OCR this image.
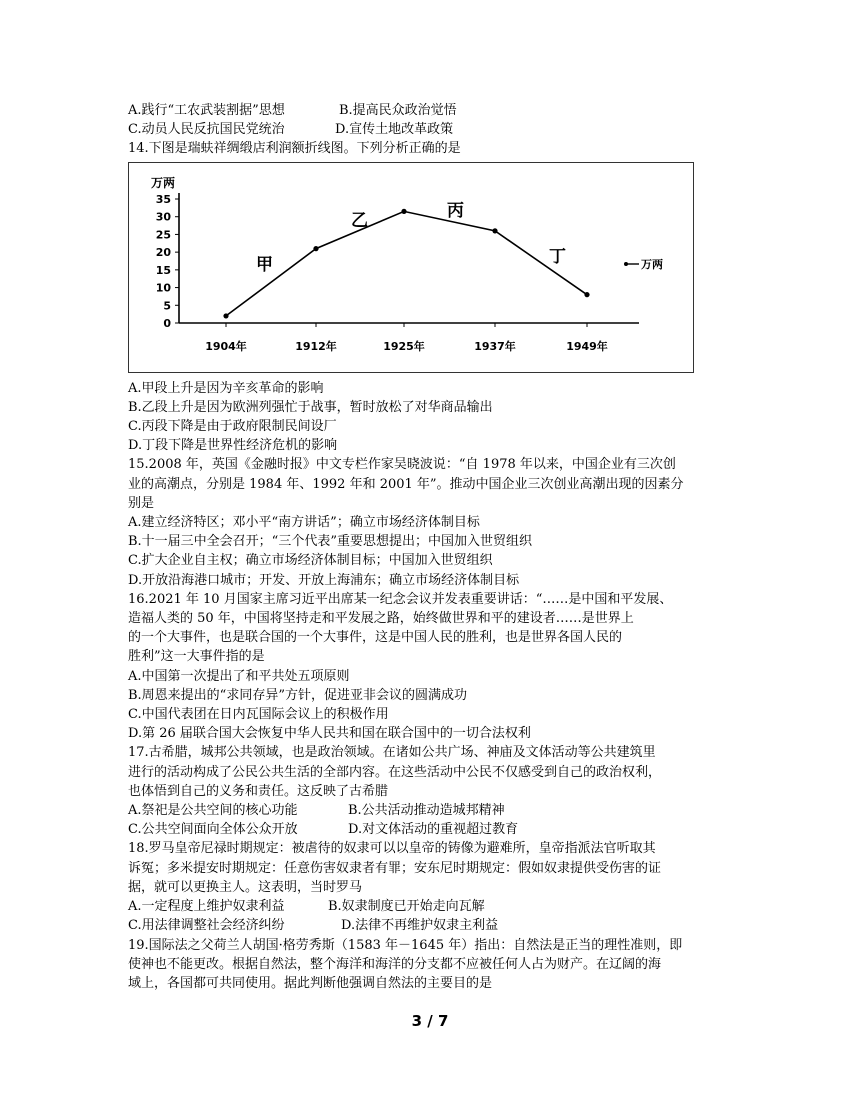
A.践行“工农武装割据”思想	B.提高民众政治觉悟
C.动员人民反抗国民党统治	D.宣传土地改革政策

14.下图是瑞蚨祥绸缎店利润额折线图。下列分析正确的是

万两
0
5
10
15
20
25
30
35
1904年	1912年	1925年	1937年	1949年
甲
乙	丙
丁	万两

A.甲段上升是因为辛亥革命的影响

B.乙段上升是因为欧洲列强忙于战事，暂时放松了对华商品输出

C.丙段下降是由于政府限制民间设厂

D.丁段下降是世界性经济危机的影响

15.2008 年，英国《金融时报》中文专栏作家吴晓波说：“自 1978 年以来，中国企业有三次创

业的高潮点，分别是 1984 年、1992 年和 2001 年”。推动中国企业三次创业高潮出现的因素分

别是

A.建立经济特区；邓小平“南方讲话”；确立市场经济体制目标

B.十一届三中全会召开；“三个代表”重要思想提出；中国加入世贸组织

C.扩大企业自主权；确立市场经济体制目标；中国加入世贸组织

D.开放沿海港口城市；开发、开放上海浦东；确立市场经济体制目标

16.2021 年 10 月国家主席习近平出席某一纪念会议并发表重要讲话：“……是中国和平发展、

造福人类的 50 年，中国将坚持走和平发展之路，始终做世界和平的建设者……是世界上

的一个大事件，也是联合国的一个大事件，这是中国人民的胜利，也是世界各国人民的

胜利”这一大事件指的是

A.中国第一次提出了和平共处五项原则

B.周恩来提出的“求同存异”方针，促进亚非会议的圆满成功

C.中国代表团在日内瓦国际会议上的积极作用

D.第 26 届联合国大会恢复中华人民共和国在联合国中的一切合法权利

17.古希腊，城邦公共领域，也是政治领域。在诸如公共广场、神庙及文体活动等公共建筑里

进行的活动构成了公民公共生活的全部内容。在这些活动中公民不仅感受到自己的政治权利，

也体悟到自己的义务和责任。这反映了古希腊

A.祭祀是公共空间的核心功能	B.公共活动推动造城邦精神
C.公共空间面向全体公众开放	D.对文体活动的重视超过教育

18.罗马皇帝尼禄时期规定：被虐待的奴隶可以以皇帝的铸像为避难所，皇帝指派法官听取其

诉冤；多米提安时期规定：任意伤害奴隶者有罪；安东尼时期规定：假如奴隶提供受伤害的证

据，就可以更换主人。这表明，当时罗马

A.一定程度上维护奴隶利益	B.奴隶制度已开始走向瓦解
C.用法律调整社会经济纠纷	D.法律不再维护奴隶主利益

19.国际法之父荷兰人胡国·格劳秀斯（1583 年－1645 年）指出：自然法是正当的理性准则，即

使神也不能更改。根据自然法，整个海洋和海洋的分支都不应被任何人占为财产。在辽阔的海

域上，各国都可共同使用。据此判断他强调自然法的主要目的是

3 / 7
